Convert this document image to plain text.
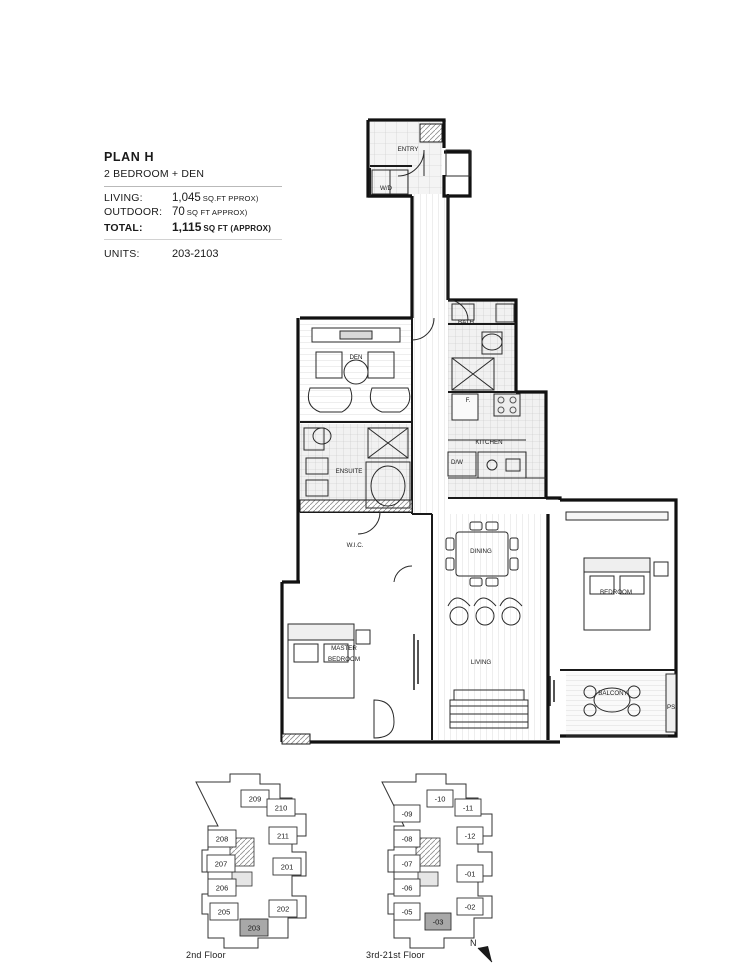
PLAN H
2 BEDROOM + DEN
LIVING:	1,045 SQ.FT PPROX)
OUTDOOR: 70 SQ FT APPROX)
TOTAL:	1,115 SQ FT (APPROX)
UNITS:	203-2103
ENTRY
W/D
BATH
DEN
F.
KITCHEN
D/W
ENSUITE
W.I.C.
DINING
BEDROOM
MASTER
BEDROOM	LIVING
BALCONY
PS.
209
210
211
208
207	201
206
202
205
203
-10
-11
-09
-12
-08
-07
-01
-06
-02
-05
-03
2nd Floor	3rd-21st Floor
N
